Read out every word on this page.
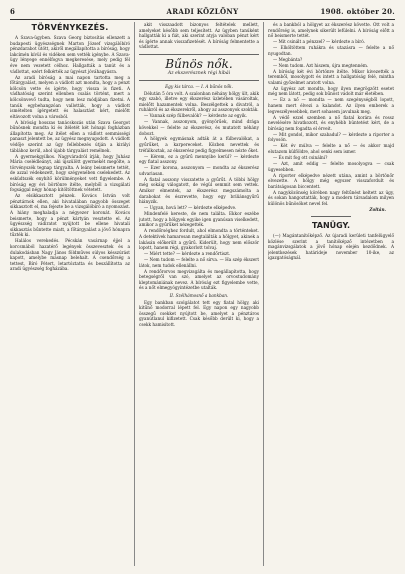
6	ARADI KÖZLÖNY	1908. október 20.
TÖRVÉNYKEZÉS.

A Szava-ügyben. Szava Georg biztosítás ellenzett a budapesti ügyészségnek Marton József vizsgálóbíró pénzdarabot ütött, akiről megállapította a bíróság, hogy lakcímén kívül és vidéken sem vették igénybe. A Szava-ügy lényege ennélfogva megkeresése, mely pedig fél éve nem vezetett célhoz. Hallgatták a tanút és a vádlottat, ezért felkérték az ügyészt jóváhagyásra.

Az aradi bíróság a mai napon tartotta meg a főtárgyalást, melyen a vádlott azt mondta, hogy a pénzt kölcsön vette és ígérte, hogy vissza is fizeti. A vádhatóság szerint ellenben csalás történt, mert a kölcsönvevő tudta, hogy nem lesz módjában fizetni. A tanúk egybehangzóan vallották, hogy a vádlott ismételten ígérgetett és halasztást kért, mielőtt eltávozott volna a városból.

A bíróság hosszas tanácskozás után Szava Georgot bűnösnek mondta ki és ítéletét két hónapi fogházban állapította meg. Az ítélet ellen a vádlott semmisségi panaszt jelentett be, az ügyész megnyugodott. A vádlott védője szerint az ügy fellebbezés útján a királyi táblához kerül, ahol újabb tárgyalást remélnek.

A gyermekgyilkos. Nagyváradról írják, hogy Juhász Mária cselédleányt, aki újszülött gyermekét megölte, a törvényszék tegnap tárgyalta. A leány beismerte tettét, de azzal védekezett, hogy szégyenében cselekedett. Az esküdtszék enyhítő körülményeket vett figyelembe. A bíróság egy évi börtönre ítélte, melyből a vizsgálati fogsággal négy hónap kitöltöttnek vétetett.

Az elsikkasztott pénzek. Kovács István volt pénztárnok ellen, aki hivatalában nagyobb összeget sikkasztott el, ma fejezte be a vizsgálóbíró a nyomozást. A hiány meghaladja a négyezer koronát. Kovács beismerte, hogy a pénzt kártyán vesztette el. Az ügyészség vádiratot nyújtott be ellene hivatali sikkasztás bűntette miatt, a főtárgyalást a jövő hónapra tűzték ki.

Halálos verekedés. Pécskán vasárnap éjjel a korcsmából hazatérő legények összevesztek és a dulakodásban Nagy János földműves súlyos késszúrást kapott, amelybe másnap belehalt. A csendőrség a tettest, Bíró Pétert, letartóztatta és beszállította az aradi ügyészség fogházába.

akit visszaadott bizonyos feltételek mellett, amelyeket később sem teljesített. Az ügyben tanúként hallgatták ki a fiát, aki szerint atyja valóban pénzt kért és ígérte annak visszafizetését. A bíróság felmentette a vádlottat.

Bűnös nők.
Az ekszerésznek régi hibái
Egy kis tárca. — I. A bűnös nők.

Délután 5 óra volt. A szalonban néhány hölgy ült, akik egy szabó, illetve egy ékszerész üzletében vásároltak, mielőtt hazamentek volna. Beszélgettek a divatról, a ruhákról és az ékszerekről, ahogy az asszonyok szokták.

— Vannak szép fülbevalók? — kérdezte az egyik.

— Vannak, asszonyom, gyönyörűek, mind drága kövekkel — felelte az ékszerész, és mutatott néhány dobozt.

A hölgyek egymásnak adták át a fülbevalókat, a gyűrűket, a karpereceket. Közben nevettek és tréfálkoztak, az ékszerész pedig figyelmesen nézte őket.

— Kérem, ez a gyűrű mennyibe kerül? — kérdezte egy fiatal asszony.

— Ezer korona, asszonyom — mondta az ékszerész udvariasan.

A fiatal asszony visszatette a gyűrűt. A többi hölgy még sokáig válogatott, de végül semmit sem vettek. Amikor elmentek, az ékszerész megszámolta a darabokat és észrevette, hogy egy briliánsgyűrű hiányzik.

— Ugyan, hová lett? — kérdezte elképedve.

Mindenfelé kereste, de nem találta. Ekkor eszébe jutott, hogy a hölgyek egyike igen gyanúsan viselkedett, amikor a gyűrűket nézegették.

A rendőrséghez fordult, ahol elmondta a történteket. A detektívek hamarosan megtalálták a hölgyet, akinek a lakásán előkerült a gyűrű. Kiderült, hogy nem először lopott, hanem régi, gyakorlott tolvaj.

— Miért tette? — kérdezte a rendőrtiszt.

— Nem tudom — felelte a nő sírva. — Ha szép ékszert látok, nem tudok ellenállni.

A rendőrorvos megvizsgálta és megállapította, hogy betegségről van szó, amelyet az orvostudomány kleptomániának nevez. A bíróság ezt figyelembe vette, és a nőt elmegyógyintézetbe utalták.

II. Szélhámosnő a bankban.

Egy bankban szolgálatot tett egy fiatal hölgy, aki kitűnő modorral lépett fel. Egy napon egy nagyobb összegű csekket nyújtott be, amelyet a pénztáros gyanútlanul kifizetett. Csak később derült ki, hogy a csekk hamisított.

és a bankból a hölgyet az ékszerész követte. Ott volt a rendőrség is, amelynek sikerült lefülelni. A bíróság előtt a nő beismerte tettét.

— Mit csinált a pénzzel? — kérdezte a bíró.

— Elköltöttem ruhákra és utazásra — felelte a nő nyugodtan.

— Megbánta?

— Nem tudom. Azt hiszem, újra megtenném.

A bíróság két évi börtönre ítélte. Mikor kivezették a teremből, mosolygott és intett a hallgatóság felé, mintha valami győzelmet aratott volna.

Az ügyész azt mondta, hogy ilyen megrögzött esetet még nem látott, pedig sok bűnöst vádolt már életében.

— Ez a nő — mondta — nem szegénységből lopott, hanem mert élvezi a kalandot. Az ilyen emberek a legveszélyesebbek, mert sohasem javulnak meg.

A védő ezzel szemben a nő fiatal korára és rossz nevelésére hivatkozott, és enyhébb büntetést kért, de a bíróság nem fogadta el érveit.

— Mit gondol, mikor szabadul? — kérdezte a riporter a folyosón.

— Két év múlva — felelte a nő — és akkor majd elutazom külföldre, ahol senki sem ismer.

— És mit fog ott csinálni?

— Azt, amit eddig — felelte mosolyogva — csak ügyesebben.

A riporter elképedve nézett utána, amint a börtönőr elvezette. A hölgy még egyszer visszafordult és barátságosan biccentett.

A nagyközönség körében nagy feltűnést keltett az ügy, és sokan hangoztatták, hogy a modern társadalom milyen különös bűnösöket nevel fel.

Zoltán.
TANÜGY.

(—) Magántanítóképző. Az újaradi kerületi tanfelügyelő közlése szerint a tanítóképző intézetben a magánvizsgálatok a jövő hónap elején kezdődnek. A jelentkezések határideje november 10-ike, az igazgatóságnál.
